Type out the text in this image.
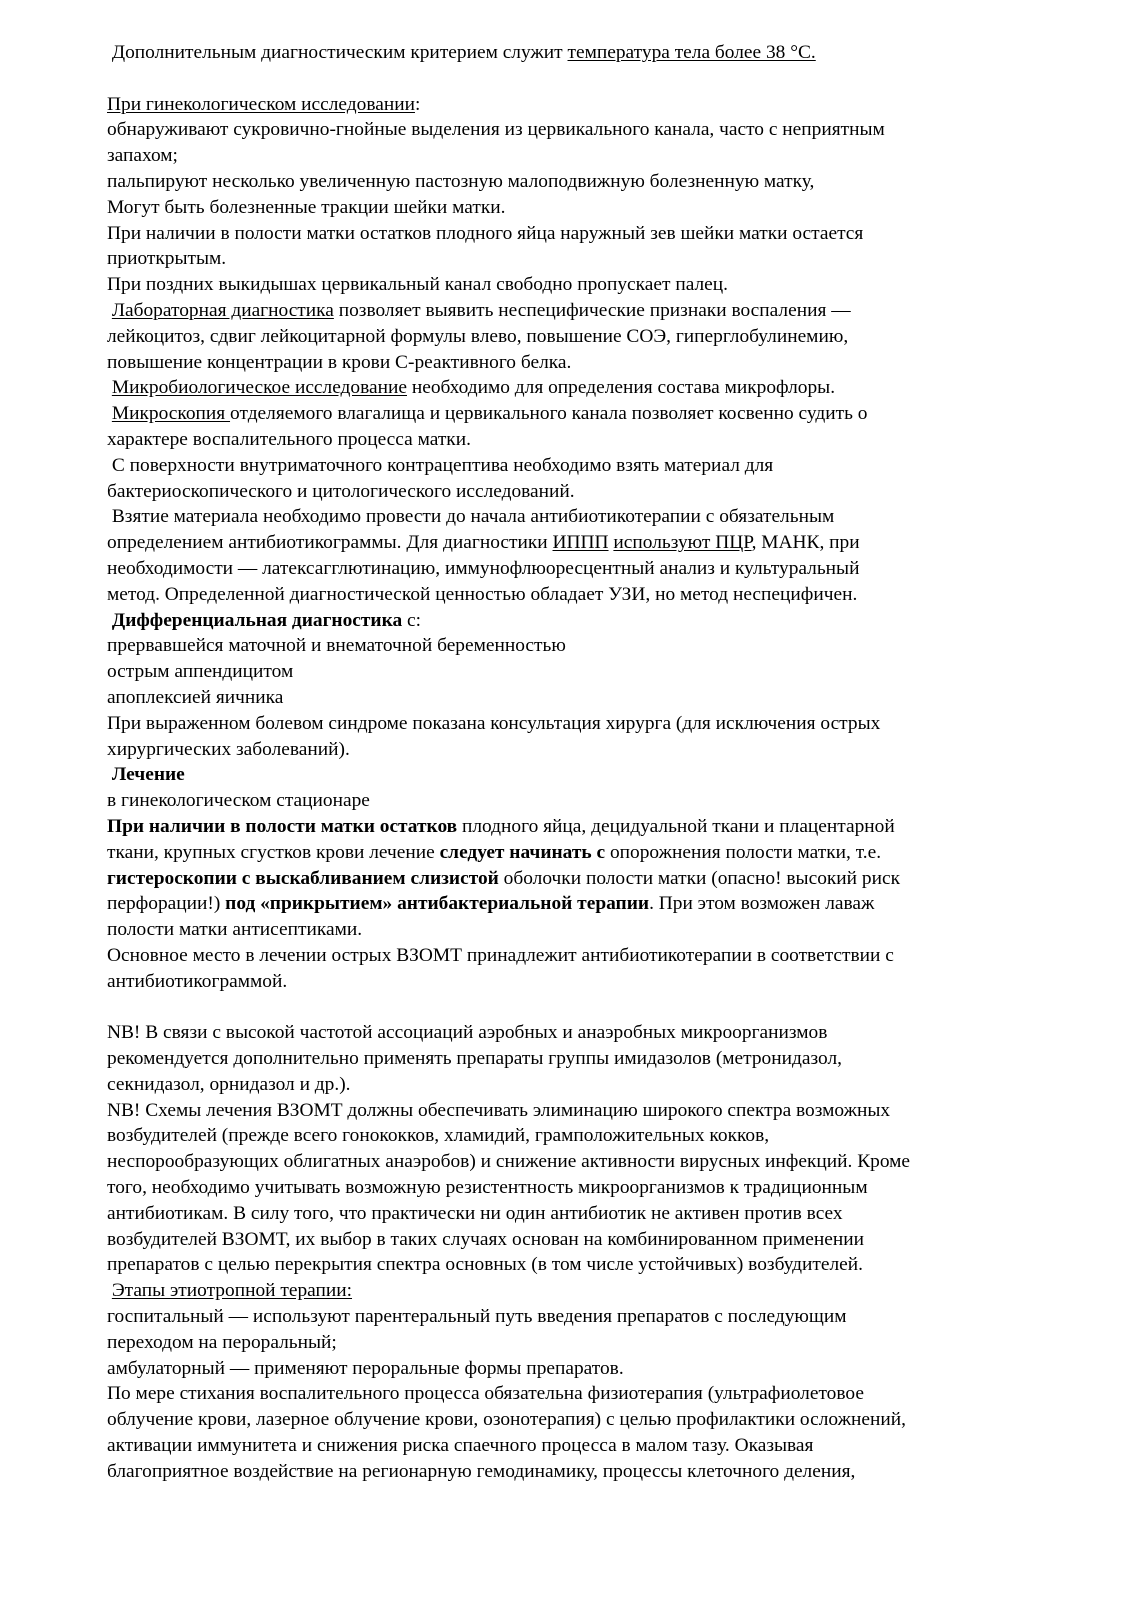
Дополнительным диагностическим критерием служит температура тела более 38 °С.
При гинекологическом исследовании:
обнаруживают сукровично-гнойные выделения из цервикального канала, часто с неприятным
запахом;
пальпируют несколько увеличенную пастозную малоподвижную болезненную матку,
Могут быть болезненные тракции шейки матки.
При наличии в полости матки остатков плодного яйца наружный зев шейки матки остается
приоткрытым.
При поздних выкидышах цервикальный канал свободно пропускает палец.
Лабораторная диагностика позволяет выявить неспецифические признаки воспаления —
лейкоцитоз, сдвиг лейкоцитарной формулы влево, повышение СОЭ, гиперглобулинемию,
повышение концентрации в крови С-реактивного белка.
Микробиологическое исследование необходимо для определения состава микрофлоры.
Микроскопия отделяемого влагалища и цервикального канала позволяет косвенно судить о
характере воспалительного процесса матки.
С поверхности внутриматочного контрацептива необходимо взять материал для
бактериоскопического и цитологического исследований.
Взятие материала необходимо провести до начала антибиотикотерапии с обязательным
определением антибиотикограммы. Для диагностики ИППП используют ПЦР, МАНК, при
необходимости — латексагглютинацию, иммунофлюоресцентный анализ и культуральный
метод. Определенной диагностической ценностью обладает УЗИ, но метод неспецифичен.
Дифференциальная диагностика с:
прервавшейся маточной и внематочной беременностью
острым аппендицитом
апоплексией яичника
При выраженном болевом синдроме показана консультация хирурга (для исключения острых
хирургических заболеваний).
Лечение
в гинекологическом стационаре
При наличии в полости матки остатков плодного яйца, децидуальной ткани и плацентарной
ткани, крупных сгустков крови лечение следует начинать с опорожнения полости матки, т.е.
гистероскопии с выскабливанием слизистой оболочки полости матки (опасно! высокий риск
перфорации!) под «прикрытием» антибактериальной терапии. При этом возможен лаваж
полости матки антисептиками.
Основное место в лечении острых ВЗОМТ принадлежит антибиотикотерапии в соответствии с
антибиотикограммой.
NB! В связи с высокой частотой ассоциаций аэробных и анаэробных микроорганизмов
рекомендуется дополнительно применять препараты группы имидазолов (метронидазол,
секнидазол, орнидазол и др.).
NB! Схемы лечения ВЗОМТ должны обеспечивать элиминацию широкого спектра возможных
возбудителей (прежде всего гонококков, хламидий, грамположительных кокков,
неспорообразующих облигатных анаэробов) и снижение активности вирусных инфекций. Кроме
того, необходимо учитывать возможную резистентность микроорганизмов к традиционным
антибиотикам. В силу того, что практически ни один антибиотик не активен против всех
возбудителей ВЗОМТ, их выбор в таких случаях основан на комбинированном применении
препаратов с целью перекрытия спектра основных (в том числе устойчивых) возбудителей.
Этапы этиотропной терапии:
госпитальный — используют парентеральный путь введения препаратов с последующим
переходом на пероральный;
амбулаторный — применяют пероральные формы препаратов.
По мере стихания воспалительного процесса обязательна физиотерапия (ультрафиолетовое
облучение крови, лазерное облучение крови, озонотерапия) с целью профилактики осложнений,
активации иммунитета и снижения риска спаечного процесса в малом тазу. Оказывая
благоприятное воздействие на регионарную гемодинамику, процессы клеточного деления,
